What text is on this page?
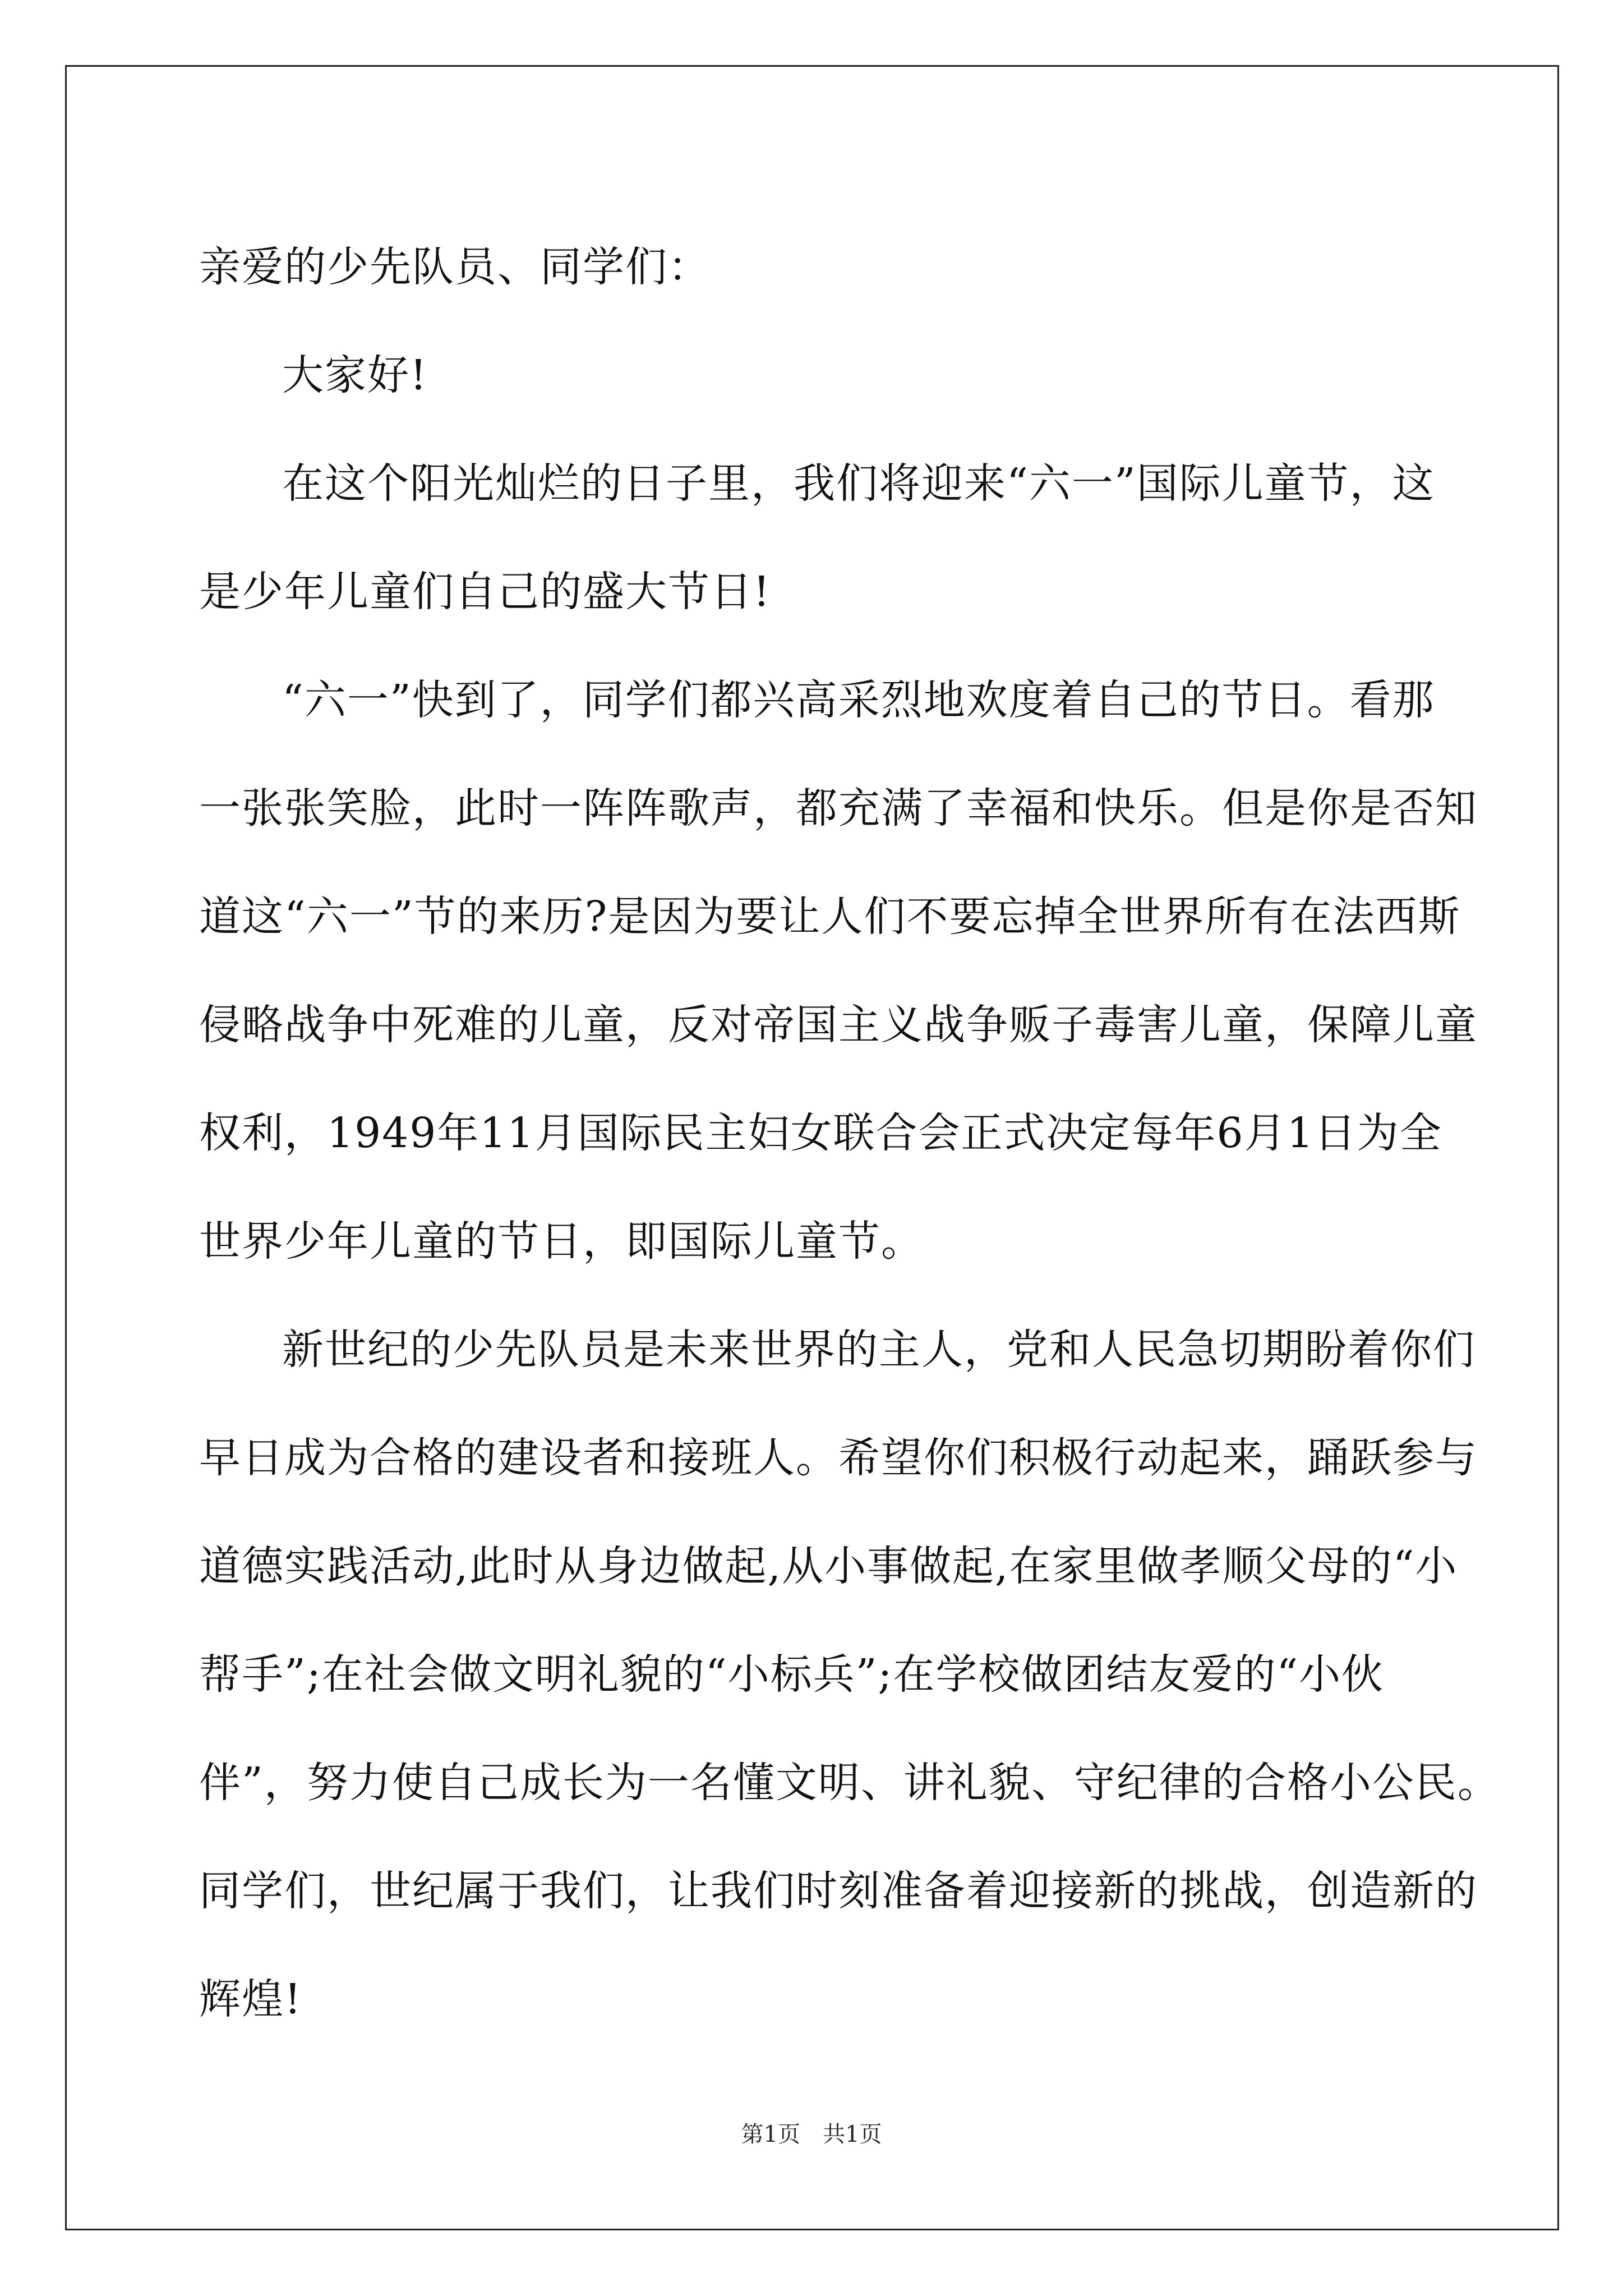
亲爱的少先队员、同学们：
大家好!
在这个阳光灿烂的日子里，我们将迎来“六一”国际儿童节，这
是少年儿童们自己的盛大节日!
“六一”快到了，同学们都兴高采烈地欢度着自己的节日。看那
一张张笑脸，此时一阵阵歌声，都充满了幸福和快乐。但是你是否知
道这“六一”节的来历?是因为要让人们不要忘掉全世界所有在法西斯
侵略战争中死难的儿童，反对帝国主义战争贩子毒害儿童，保障儿童
权利，1949年11月国际民主妇女联合会正式决定每年6月1日为全
世界少年儿童的节日，即国际儿童节。
新世纪的少先队员是未来世界的主人，党和人民急切期盼着你们
早日成为合格的建设者和接班人。希望你们积极行动起来，踊跃参与
道德实践活动,此时从身边做起,从小事做起,在家里做孝顺父母的“小
帮手”;在社会做文明礼貌的“小标兵”;在学校做团结友爱的“小伙
伴”，努力使自己成长为一名懂文明、讲礼貌、守纪律的合格小公民。
同学们，世纪属于我们，让我们时刻准备着迎接新的挑战，创造新的
辉煌!
第1页　共1页
